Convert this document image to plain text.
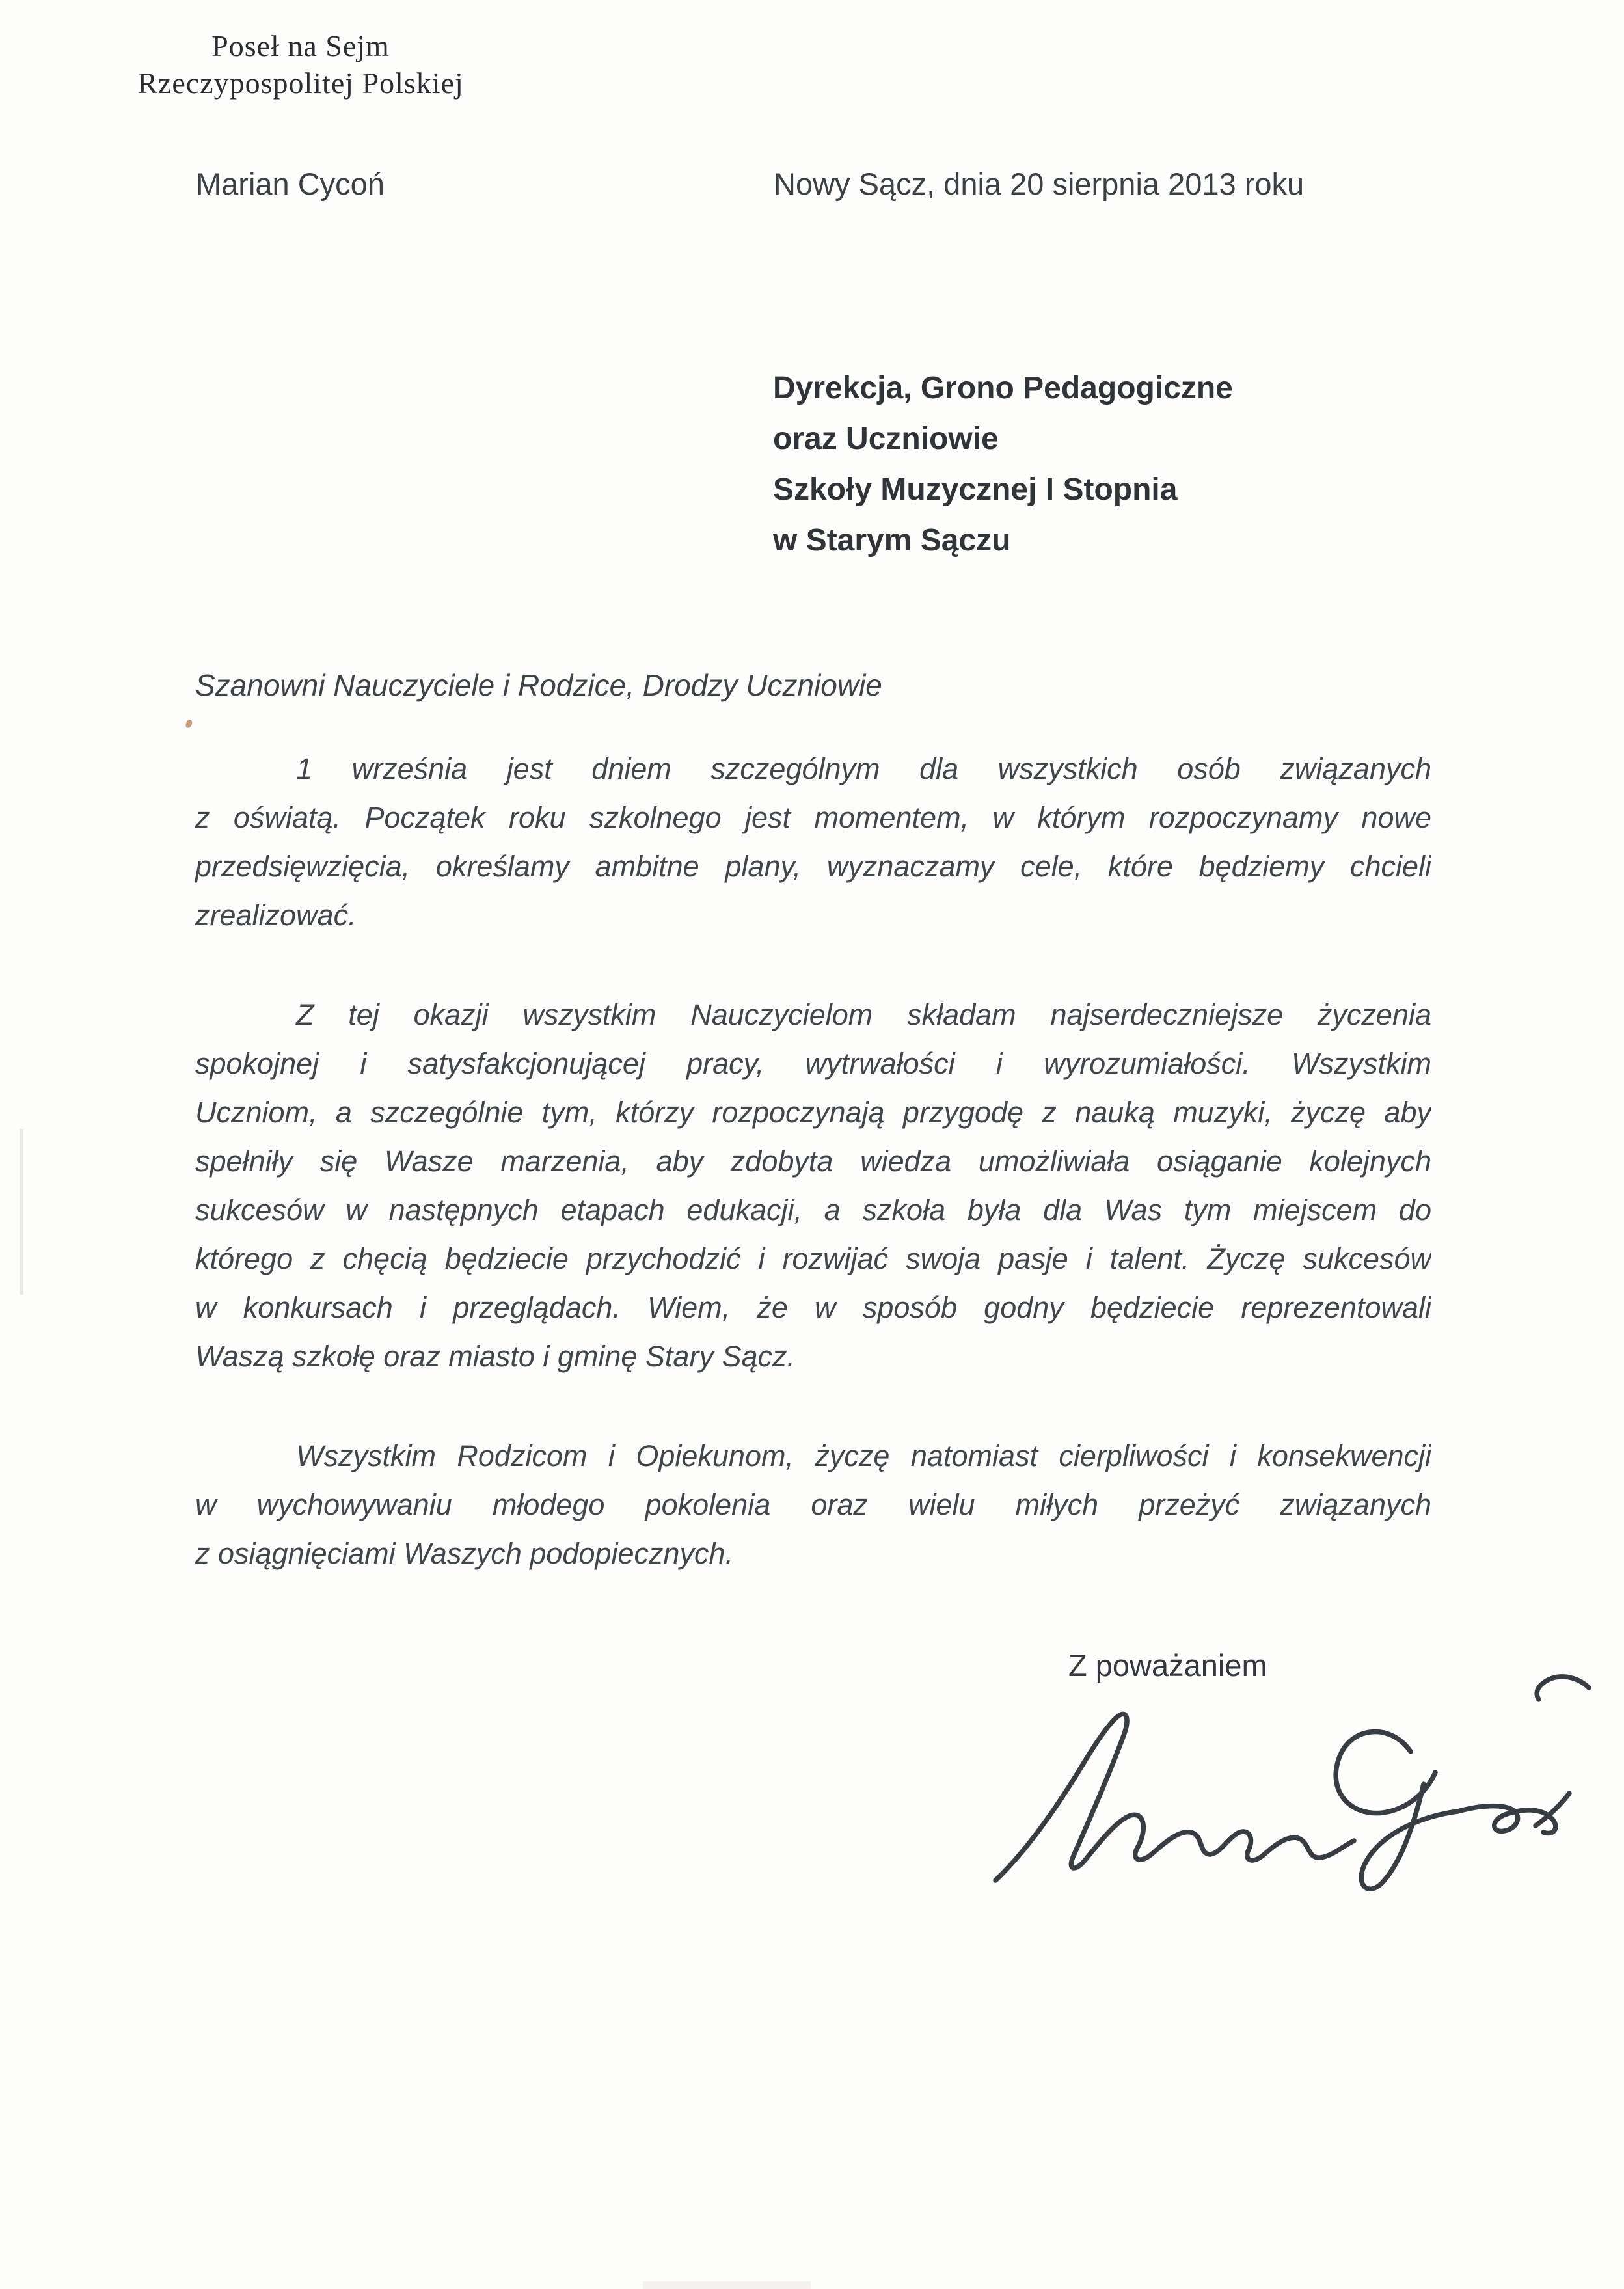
Poseł na Sejm
Rzeczypospolitej Polskiej
Marian Cycoń	Nowy Sącz, dnia 20 sierpnia 2013 roku
Dyrekcja, Grono Pedagogiczne
oraz Uczniowie
Szkoły Muzycznej I Stopnia
w Starym Sączu
Szanowni Nauczyciele i Rodzice, Drodzy Uczniowie
1 września jest dniem szczególnym dla wszystkich osób związanych
z oświatą. Początek roku szkolnego jest momentem, w którym rozpoczynamy nowe
przedsięwzięcia, określamy ambitne plany, wyznaczamy cele, które będziemy chcieli
zrealizować.
Z tej okazji wszystkim Nauczycielom składam najserdeczniejsze życzenia
spokojnej i satysfakcjonującej pracy, wytrwałości i wyrozumiałości. Wszystkim
Uczniom, a szczególnie tym, którzy rozpoczynają przygodę z nauką muzyki, życzę aby
spełniły się Wasze marzenia, aby zdobyta wiedza umożliwiała osiąganie kolejnych
sukcesów w następnych etapach edukacji, a szkoła była dla Was tym miejscem do
którego z chęcią będziecie przychodzić i rozwijać swoja pasje i talent. Życzę sukcesów
w konkursach i przeglądach. Wiem, że w sposób godny będziecie reprezentowali
Waszą szkołę oraz miasto i gminę Stary Sącz.
Wszystkim Rodzicom i Opiekunom, życzę natomiast cierpliwości i konsekwencji
w wychowywaniu młodego pokolenia oraz wielu miłych przeżyć związanych
z osiągnięciami Waszych podopiecznych.
Z poważaniem
